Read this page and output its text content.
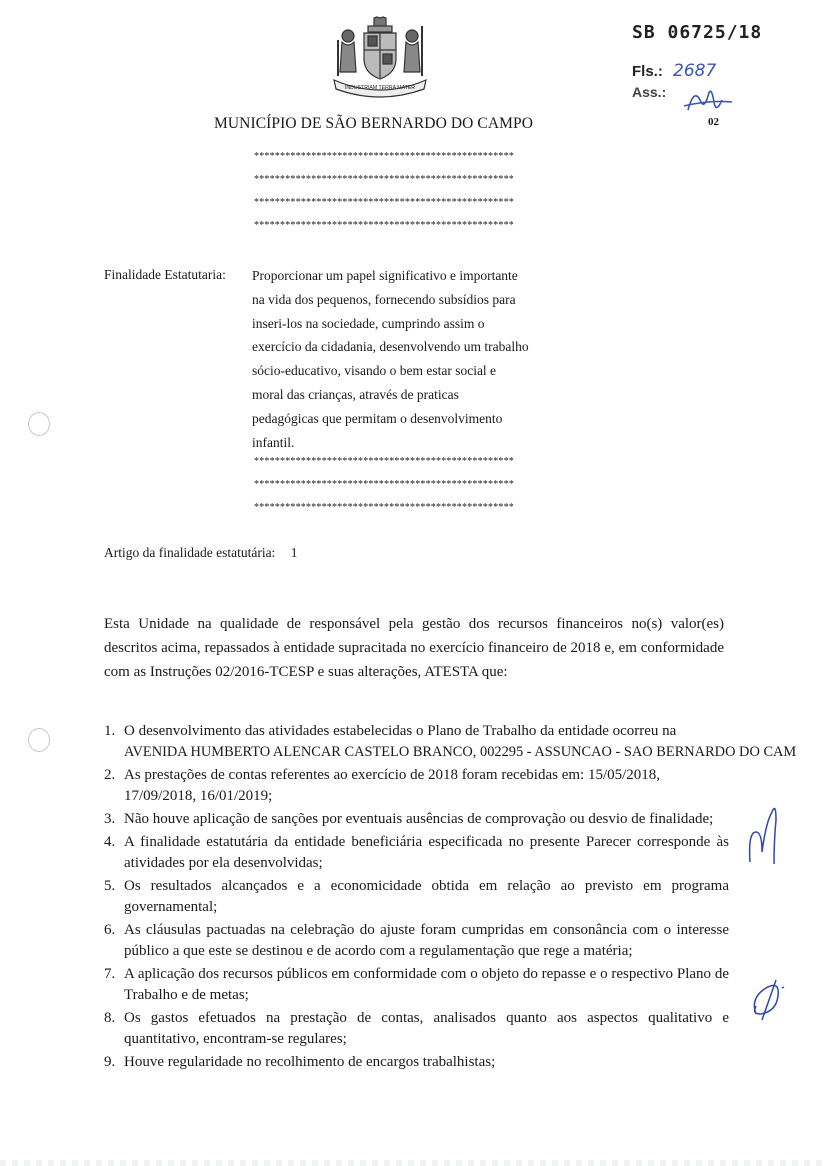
INDUSTRIAM TERRA MATER
MUNICÍPIO DE SÃO BERNARDO DO CAMPO	02
SB 06725/18
Fls.: 2687
Ass.:
**************************************************
**************************************************
**************************************************
**************************************************
Finalidade Estatutaria: Proporcionar um papel significativo e importante
na vida dos pequenos, fornecendo subsídios para
inseri-los na sociedade, cumprindo assim o
exercício da cidadania, desenvolvendo um trabalho
sócio-educativo, visando o bem estar social e
moral das crianças, através de praticas
pedagógicas que permitam o desenvolvimento
infantil.
**************************************************
**************************************************
**************************************************
Artigo da finalidade estatutária: 1
Esta Unidade na qualidade de responsável pela gestão dos recursos financeiros no(s) valor(es) descritos acima, repassados à entidade supracitada no exercício financeiro de 2018 e, em conformidade com as Instruções 02/2016-TCESP e suas alterações, ATESTA que:
1. O desenvolvimento das atividades estabelecidas o Plano de Trabalho da entidade ocorreu na
AVENIDA HUMBERTO ALENCAR CASTELO BRANCO, 002295 - ASSUNCAO - SAO BERNARDO DO CAM
2. As prestações de contas referentes ao exercício de 2018 foram recebidas em: 15/05/2018,
17/09/2018, 16/01/2019;
3. Não houve aplicação de sanções por eventuais ausências de comprovação ou desvio de finalidade;
4. A finalidade estatutária da entidade beneficiária especificada no presente Parecer corresponde às atividades por ela desenvolvidas;
5. Os resultados alcançados e a economicidade obtida em relação ao previsto em programa governamental;
6. As cláusulas pactuadas na celebração do ajuste foram cumpridas em consonância com o interesse público a que este se destinou e de acordo com a regulamentação que rege a matéria;
7. A aplicação dos recursos públicos em conformidade com o objeto do repasse e o respectivo Plano de Trabalho e de metas;
8. Os gastos efetuados na prestação de contas, analisados quanto aos aspectos qualitativo e quantitativo, encontram-se regulares;
9. Houve regularidade no recolhimento de encargos trabalhistas;
